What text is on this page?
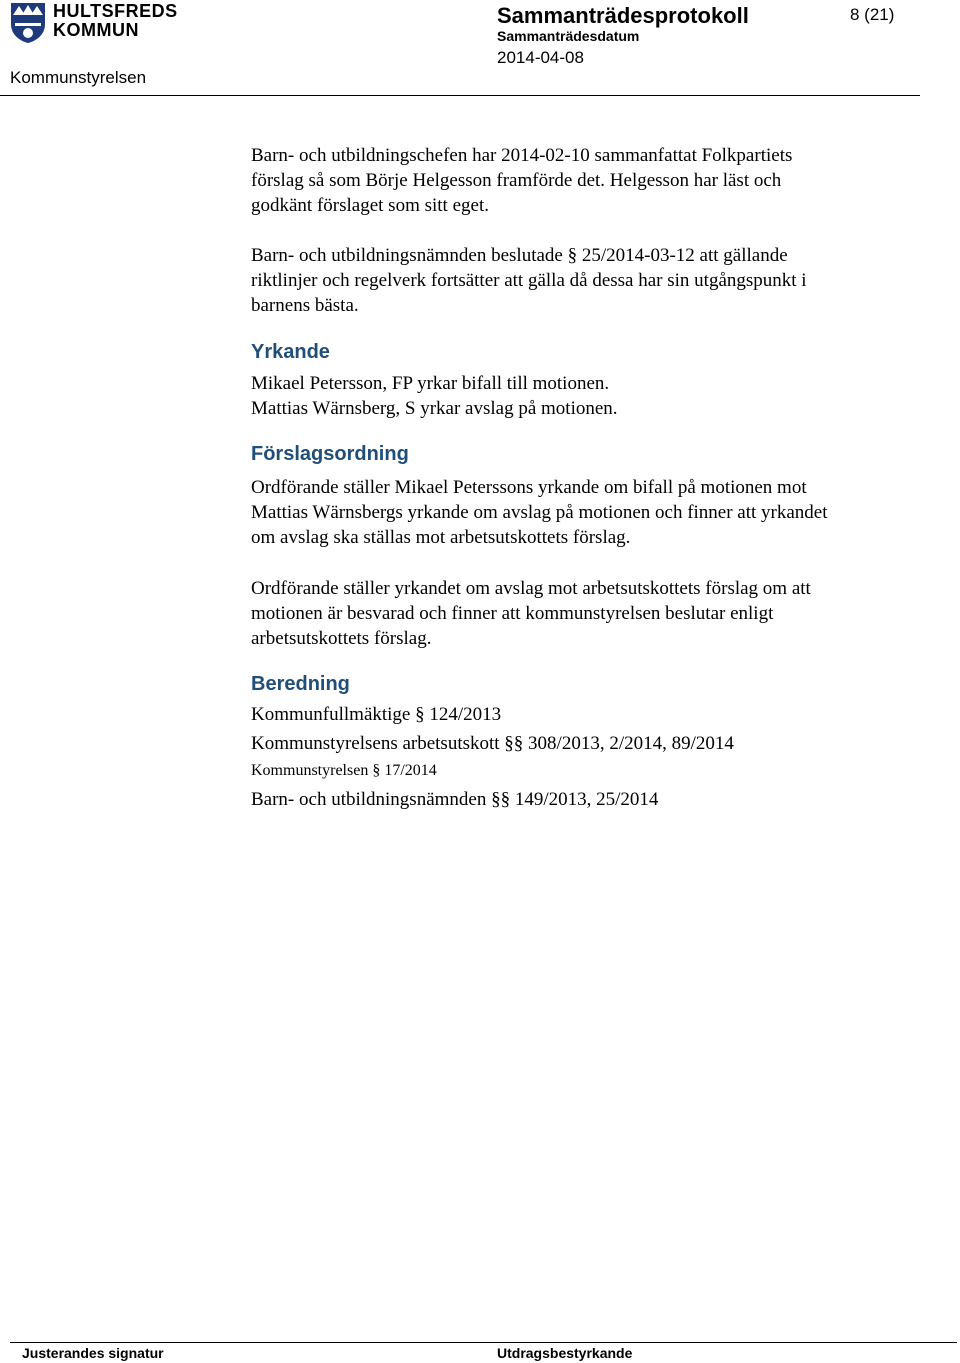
HULTSFREDS
KOMMUN
Kommunstyrelsen
Sammanträdesprotokoll
Sammanträdesdatum
2014-04-08
8 (21)
Barn- och utbildningschefen har 2014-02-10 sammanfattat Folkpartiets
förslag så som Börje Helgesson framförde det. Helgesson har läst och
godkänt förslaget som sitt eget.
Barn- och utbildningsnämnden beslutade § 25/2014-03-12 att gällande
riktlinjer och regelverk fortsätter att gälla då dessa har sin utgångspunkt i
barnens bästa.
Yrkande
Mikael Petersson, FP yrkar bifall till motionen.
Mattias Wärnsberg, S yrkar avslag på motionen.
Förslagsordning
Ordförande ställer Mikael Peterssons yrkande om bifall på motionen mot
Mattias Wärnsbergs yrkande om avslag på motionen och finner att yrkandet
om avslag ska ställas mot arbetsutskottets förslag.
Ordförande ställer yrkandet om avslag mot arbetsutskottets förslag om att
motionen är besvarad och finner att kommunstyrelsen beslutar enligt
arbetsutskottets förslag.
Beredning
Kommunfullmäktige § 124/2013
Kommunstyrelsens arbetsutskott §§ 308/2013, 2/2014, 89/2014
Kommunstyrelsen § 17/2014
Barn- och utbildningsnämnden §§ 149/2013, 25/2014
Justerandes signatur	Utdragsbestyrkande
